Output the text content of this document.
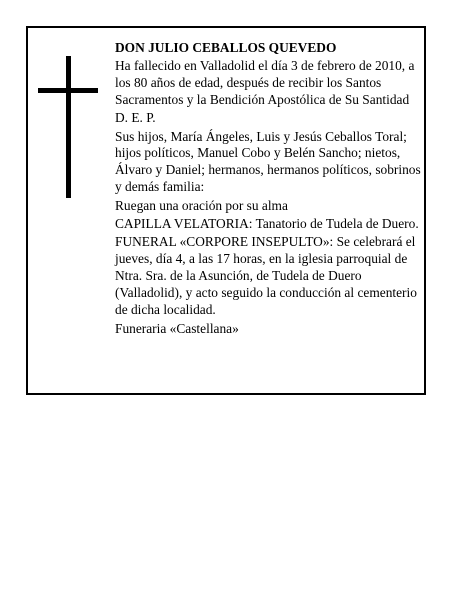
DON JULIO CEBALLOS QUEVEDO

Ha fallecido en Valladolid el día 3 de febrero de 2010, a los 80 años de edad, después de recibir los Santos Sacramentos y la Bendición Apostólica de Su Santidad

D. E. P.

Sus hijos, María Ángeles, Luis y Jesús Ceballos Toral; hijos políticos, Manuel Cobo y Belén Sancho; nietos, Álvaro y Daniel; hermanos, hermanos políticos, sobrinos y demás familia:

Ruegan una oración por su alma

CAPILLA VELATORIA: Tanatorio de Tudela de Duero.

FUNERAL «CORPORE INSEPULTO»: Se celebrará el jueves, día 4, a las 17 horas, en la iglesia parroquial de Ntra. Sra. de la Asunción, de Tudela de Duero (Valladolid), y acto seguido la conducción al cementerio de dicha localidad.

Funeraria «Castellana»
